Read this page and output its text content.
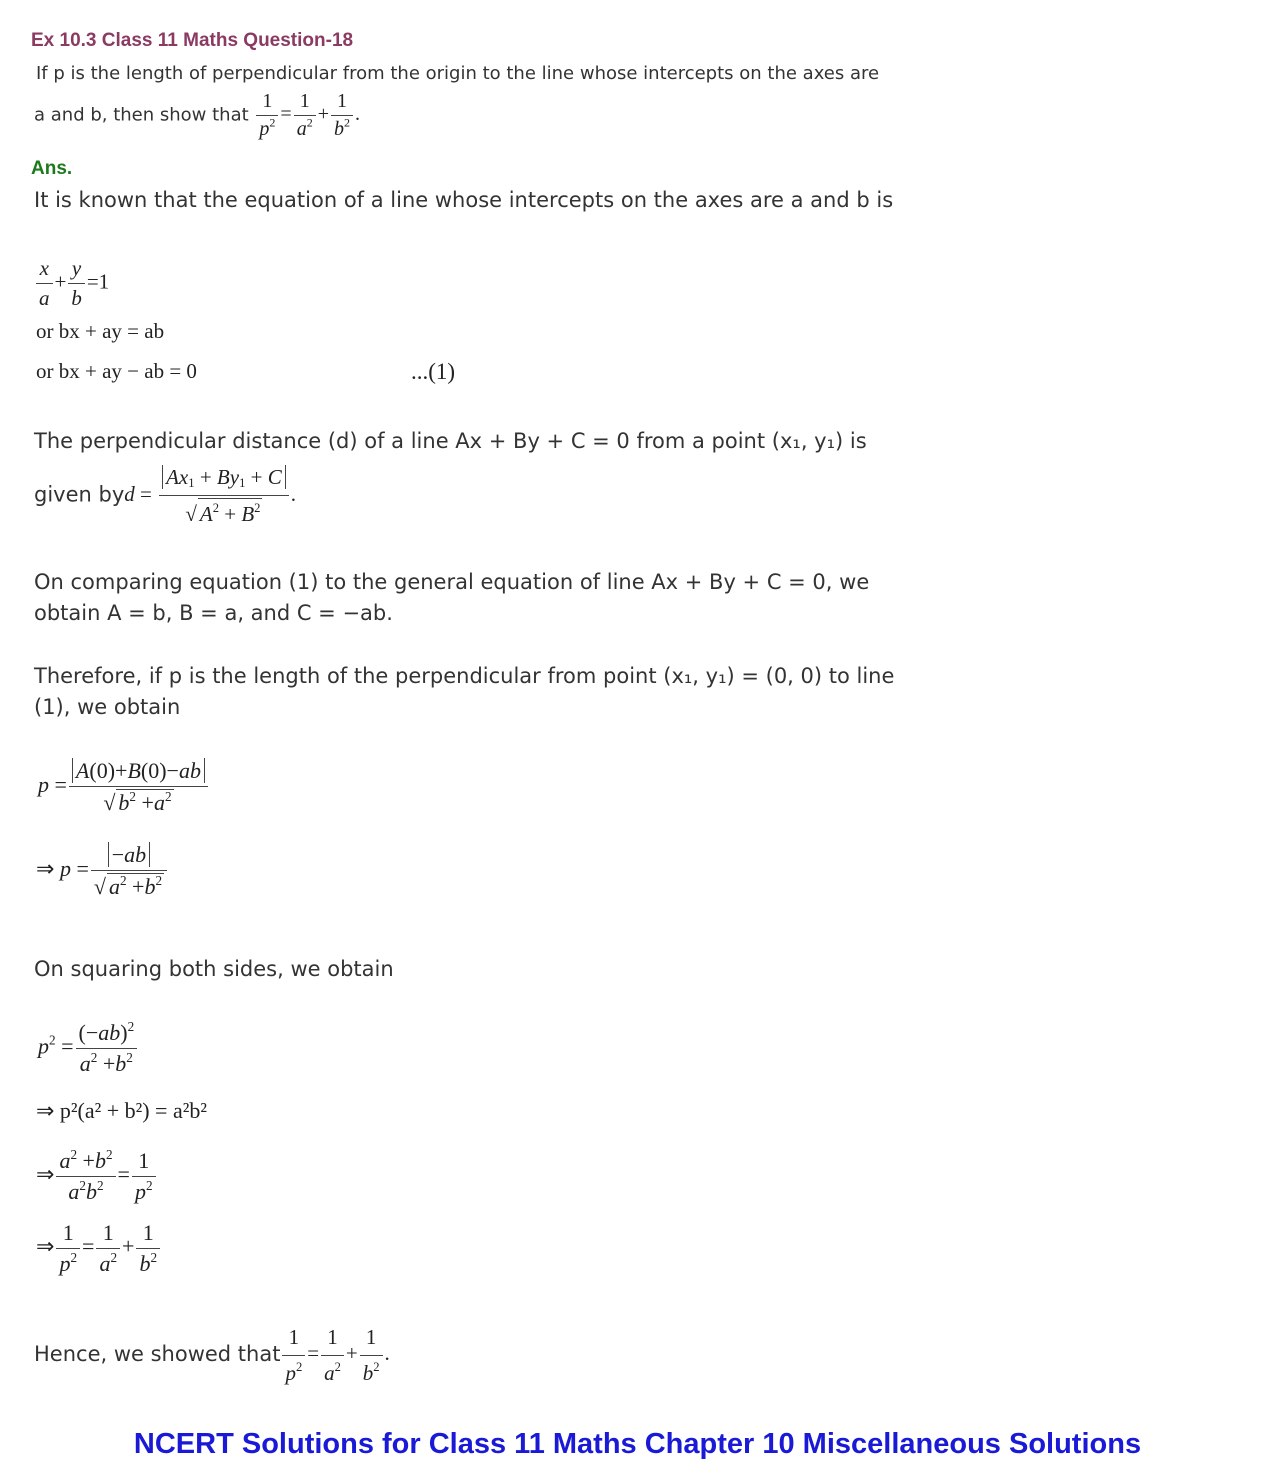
Ex 10.3 Class 11 Maths Question-18
If p is the length of perpendicular from the origin to the line whose intercepts on the axes are
a and b, then show that $\frac{1}{p^2} = \frac{1}{a^2} + \frac{1}{b^2}$ .
Ans.
It is known that the equation of a line whose intercepts on the axes are a and b is
$\frac{x}{a} + \frac{y}{b} =1$
or bx + ay = ab
or bx + ay − ab = 0	...(1)
The perpendicular distance (d) of a line Ax + By + C = 0 from a point (x₁, y₁) is
given byd = $\frac{Ax_1 + By_1 + C}{√ A^2 + B^2}$ .
On comparing equation (1) to the general equation of line Ax + By + C = 0, we
obtain A = b, B = a, and C = −ab.
Therefore, if p is the length of the perpendicular from point (x₁, y₁) = (0, 0) to line
(1), we obtain
$p = \frac{A(0)+B(0)-ab}{√ b^2 +a^2}$
⇒ $p = \frac{-ab}{√ a^2 +b^2}$
On squaring both sides, we obtain
$p^2 = \frac{(-ab)^2}{a^2 +b^2}$
⇒ p²(a² + b²) = a²b²
⇒ $\frac{a^2 +b^2}{a^2b^2} = \frac{1}{p^2}$
⇒ $\frac{1}{p^2} = \frac{1}{a^2} + \frac{1}{b^2}$
Hence, we showed that $\frac{1}{p^2} = \frac{1}{a^2} + \frac{1}{b^2}$ .
NCERT Solutions for Class 11 Maths Chapter 10 Miscellaneous Solutions
